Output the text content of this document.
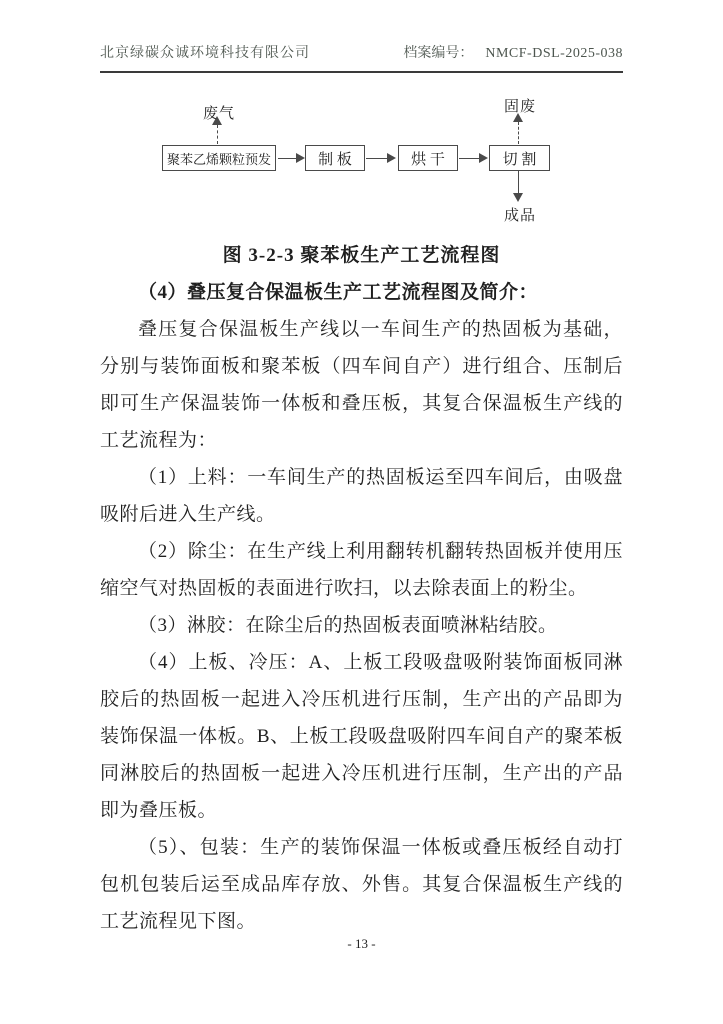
北京绿碳众诚环境科技有限公司	档案编号： NMCF-DSL-2025-038
废气
聚苯乙烯颗粒预发	制 板	烘 干	切 割
固废
成品

图 3-2-3 聚苯板生产工艺流程图

（4）叠压复合保温板生产工艺流程图及简介：

叠压复合保温板生产线以一车间生产的热固板为基础，分别与装饰面板和聚苯板（四车间自产）进行组合、压制后即可生产保温装饰一体板和叠压板，其复合保温板生产线的工艺流程为：

（1）上料：一车间生产的热固板运至四车间后，由吸盘吸附后进入生产线。

（2）除尘：在生产线上利用翻转机翻转热固板并使用压缩空气对热固板的表面进行吹扫，以去除表面上的粉尘。

（3）淋胶：在除尘后的热固板表面喷淋粘结胶。

（4）上板、冷压：A、上板工段吸盘吸附装饰面板同淋胶后的热固板一起进入冷压机进行压制，生产出的产品即为装饰保温一体板。B、上板工段吸盘吸附四车间自产的聚苯板同淋胶后的热固板一起进入冷压机进行压制，生产出的产品即为叠压板。

（5）、包装：生产的装饰保温一体板或叠压板经自动打包机包装后运至成品库存放、外售。其复合保温板生产线的工艺流程见下图。

- 13 -
